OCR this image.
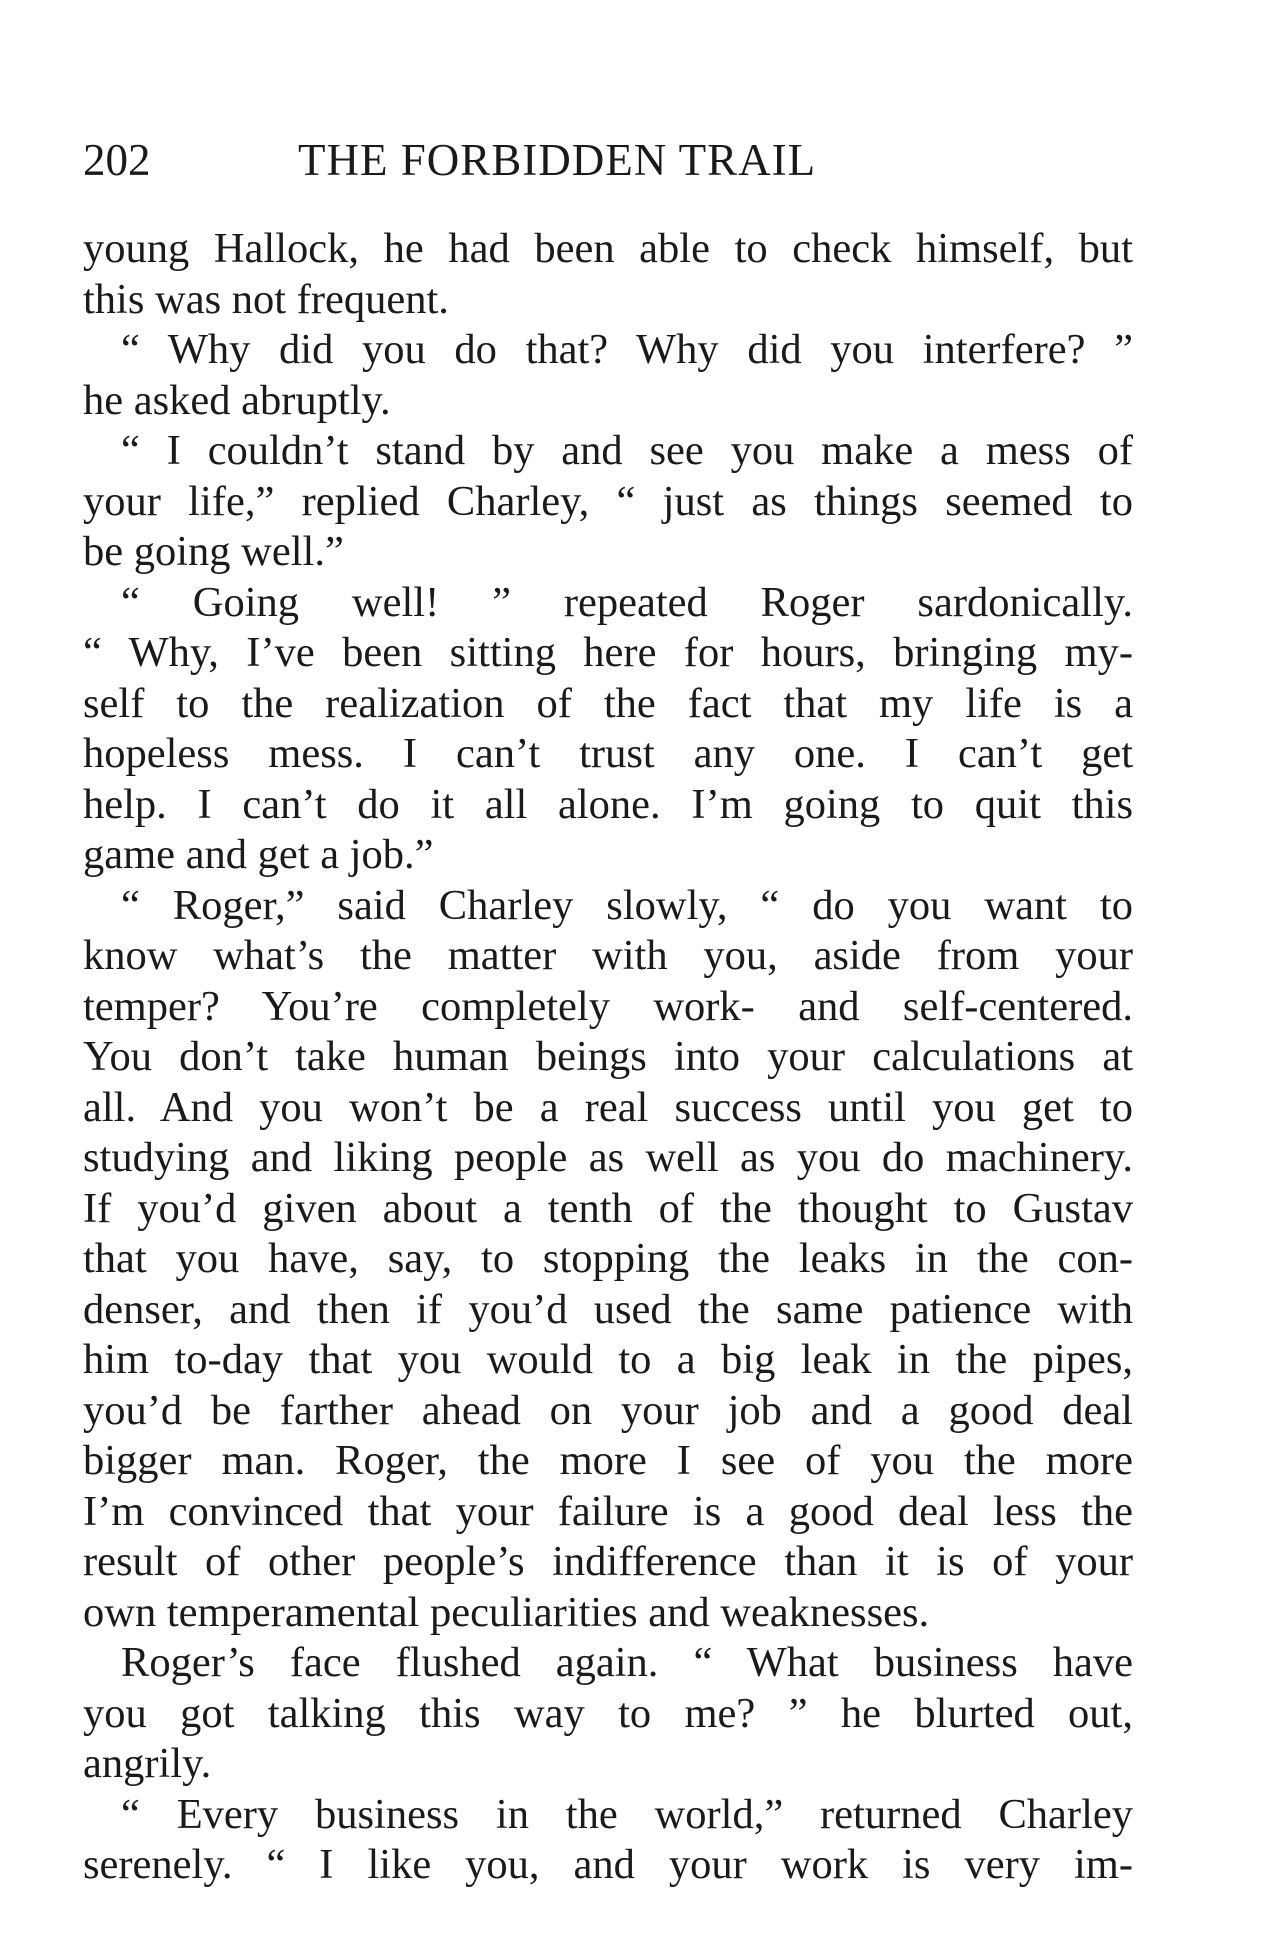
202	THE FORBIDDEN TRAIL
young Hallock, he had been able to check himself, but
this was not frequent.
“ Why did you do that? Why did you interfere? ”
he asked abruptly.
“ I couldn’t stand by and see you make a mess of
your life,” replied Charley, “ just as things seemed to
be going well.”
“ Going well! ” repeated Roger sardonically.
“ Why, I’ve been sitting here for hours, bringing my-
self to the realization of the fact that my life is a
hopeless mess. I can’t trust any one. I can’t get
help. I can’t do it all alone. I’m going to quit this
game and get a job.”
“ Roger,” said Charley slowly, “ do you want to
know what’s the matter with you, aside from your
temper? You’re completely work- and self-centered.
You don’t take human beings into your calculations at
all. And you won’t be a real success until you get to
studying and liking people as well as you do machinery.
If you’d given about a tenth of the thought to Gustav
that you have, say, to stopping the leaks in the con-
denser, and then if you’d used the same patience with
him to-day that you would to a big leak in the pipes,
you’d be farther ahead on your job and a good deal
bigger man. Roger, the more I see of you the more
I’m convinced that your failure is a good deal less the
result of other people’s indifference than it is of your
own temperamental peculiarities and weaknesses.
Roger’s face flushed again. “ What business have
you got talking this way to me? ” he blurted out,
angrily.
“ Every business in the world,” returned Charley
serenely. “ I like you, and your work is very im-
